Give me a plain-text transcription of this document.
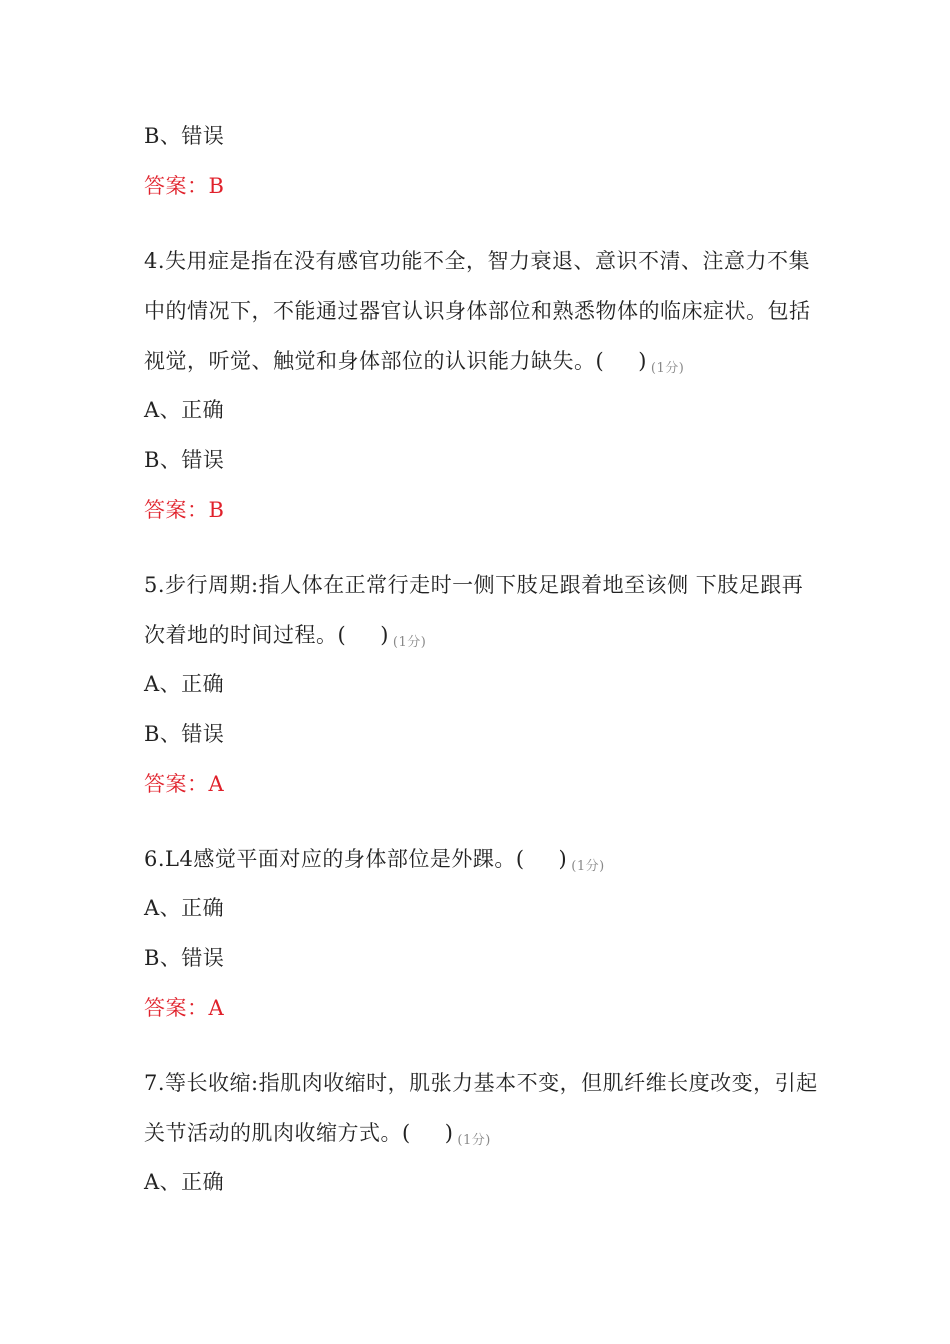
B、错误
答案：B
4.失用症是指在没有感官功能不全，智力衰退、意识不清、注意力不集
中的情况下，不能通过器官认识身体部位和熟悉物体的临床症状。包括
视觉，听觉、触觉和身体部位的认识能力缺失。( ) (1分)
A、正确
B、错误
答案：B
5.步行周期:指人体在正常行走时一侧下肢足跟着地至该侧 下肢足跟再
次着地的时间过程。( ) (1分)
A、正确
B、错误
答案：A
6.L4感觉平面对应的身体部位是外踝。( ) (1分)
A、正确
B、错误
答案：A
7.等长收缩:指肌肉收缩时，肌张力基本不变，但肌纤维长度改变，引起
关节活动的肌肉收缩方式。( ) (1分)
A、正确
